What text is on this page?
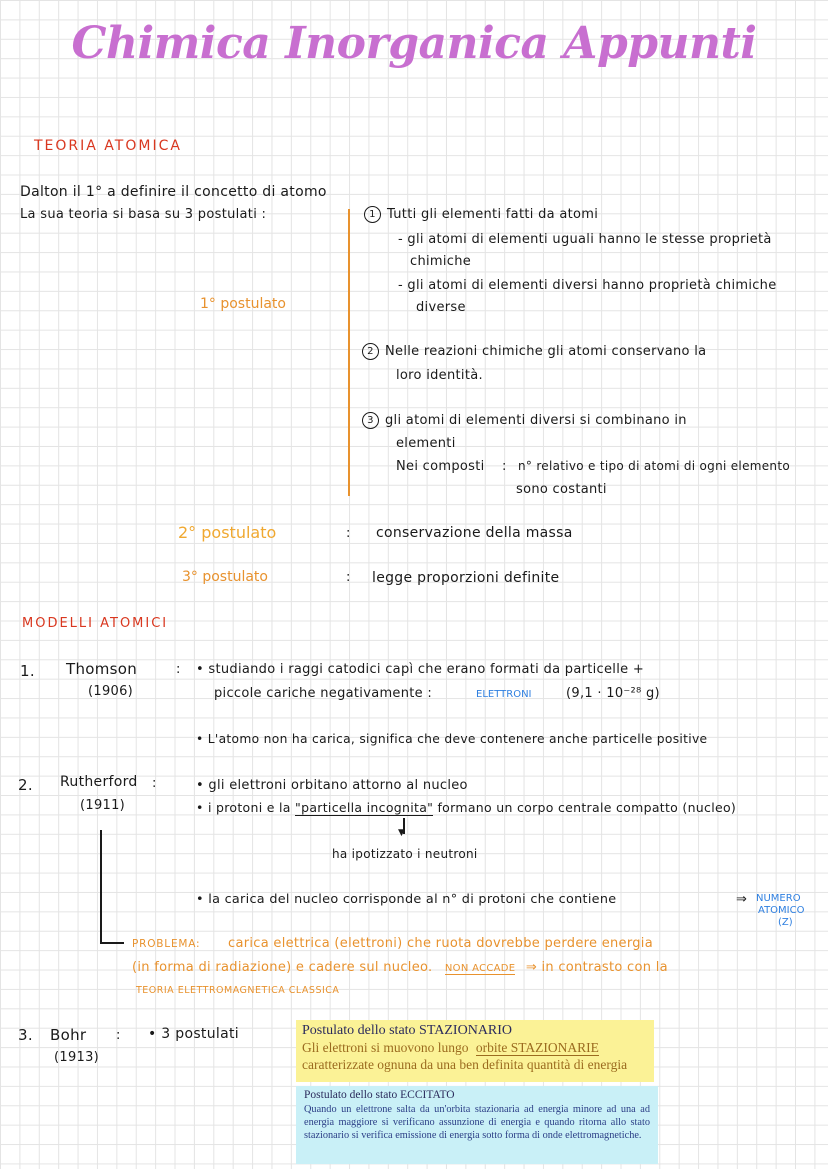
Chimica Inorganica Appunti
TEORIA ATOMICA
Dalton il 1° a definire il concetto di atomo
La sua teoria si basa su 3 postulati :
1° postulato
1 Tutti gli elementi fatti da atomi
- gli atomi di elementi uguali hanno le stesse proprietà
chimiche
- gli atomi di elementi diversi hanno proprietà chimiche
diverse
2 Nelle reazioni chimiche gli atomi conservano la
loro identità.
3 gli atomi di elementi diversi si combinano in
elementi
Nei composti : n° relativo e tipo di atomi di ogni elemento
sono costanti
2° postulato	: conservazione della massa
3° postulato	: legge proporzioni definite
MODELLI ATOMICI
1. Thomson	:
(1906)
• studiando i raggi catodici capì che erano formati da particelle +
piccole cariche negativamente :	ELETTRONI	(9,1 · 10⁻²⁸ g)
• L'atomo non ha carica, significa che deve contenere anche particelle positive
2. Rutherford :
(1911)
• gli elettroni orbitano attorno al nucleo
• i protoni e la "particella incognita" formano un corpo centrale compatto (nucleo)
▼
ha ipotizzato i neutroni
• la carica del nucleo corrisponde al n° di protoni che contiene	⇒ NUMERO
ATOMICO
(Z)
PROBLEMA: carica elettrica (elettroni) che ruota dovrebbe perdere energia
(in forma di radiazione) e cadere sul nucleo. NON ACCADE ⇒ in contrasto con la
TEORIA ELETTROMAGNETICA CLASSICA
3. Bohr :
(1913)
• 3 postulati	Postulato dello stato STAZIONARIO
Gli elettroni si muovono lungo orbite STAZIONARIE
caratterizzate ognuna da una ben definita quantità di energia
Postulato dello stato ECCITATO
Quando un elettrone salta da un'orbita stazionaria ad energia minore ad una ad energia maggiore si verificano assunzione di energia e quando ritorna allo stato stazionario si verifica emissione di energia sotto forma di onde elettromagnetiche.
